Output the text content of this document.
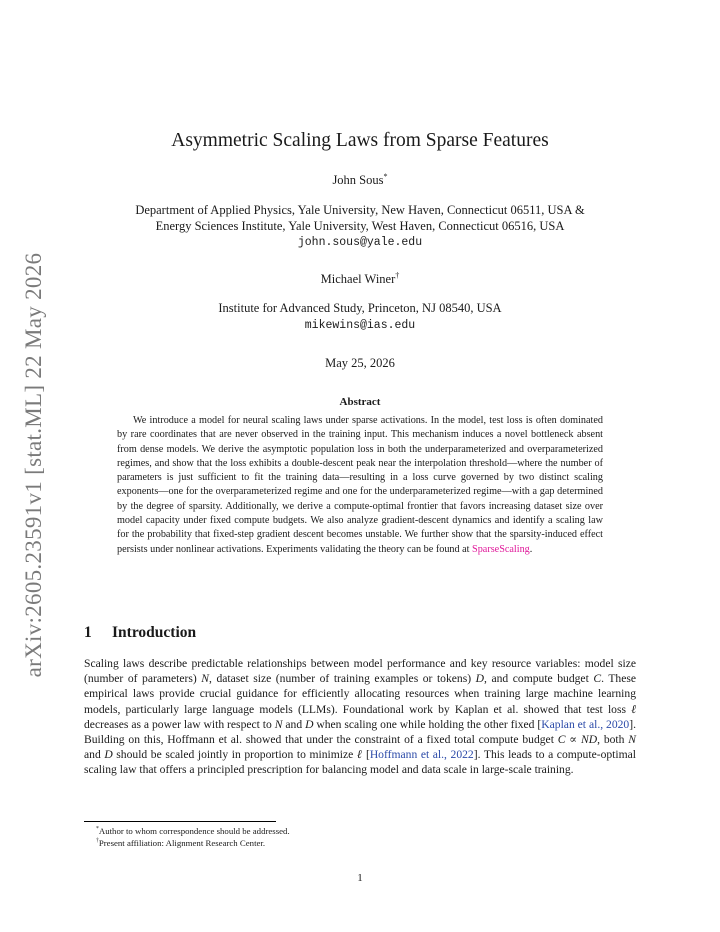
arXiv:2605.23591v1 [stat.ML] 22 May 2026
Asymmetric Scaling Laws from Sparse Features
John Sous*
Department of Applied Physics, Yale University, New Haven, Connecticut 06511, USA &
Energy Sciences Institute, Yale University, West Haven, Connecticut 06516, USA
john.sous@yale.edu
Michael Winer†
Institute for Advanced Study, Princeton, NJ 08540, USA
mikewins@ias.edu
May 25, 2026
Abstract
We introduce a model for neural scaling laws under sparse activations. In the model, test loss is often dominated by rare coordinates that are never observed in the training input. This mechanism induces a novel bottleneck absent from dense models. We derive the asymptotic population loss in both the underparameterized and overparameterized regimes, and show that the loss exhibits a double-descent peak near the interpolation threshold—where the number of parameters is just sufficient to fit the training data—resulting in a loss curve governed by two distinct scaling exponents—one for the overparameterized regime and one for the underparameterized regime—with a gap determined by the degree of sparsity. Additionally, we derive a compute-optimal frontier that favors increasing dataset size over model capacity under fixed compute budgets. We also analyze gradient-descent dynamics and identify a scaling law for the probability that fixed-step gradient descent becomes unstable. We further show that the sparsity-induced effect persists under nonlinear activations. Experiments validating the theory can be found at SparseScaling.
1 Introduction
Scaling laws describe predictable relationships between model performance and key resource variables: model size (number of parameters) N, dataset size (number of training examples or tokens) D, and compute budget C. These empirical laws provide crucial guidance for efficiently allocating resources when training large machine learning models, particularly large language models (LLMs). Foundational work by Kaplan et al. showed that test loss ℓ decreases as a power law with respect to N and D when scaling one while holding the other fixed [Kaplan et al., 2020]. Building on this, Hoffmann et al. showed that under the constraint of a fixed total compute budget C ∝ ND, both N and D should be scaled jointly in proportion to minimize ℓ [Hoffmann et al., 2022]. This leads to a compute-optimal scaling law that offers a principled prescription for balancing model and data scale in large-scale training.
*Author to whom correspondence should be addressed.
†Present affiliation: Alignment Research Center.
1
